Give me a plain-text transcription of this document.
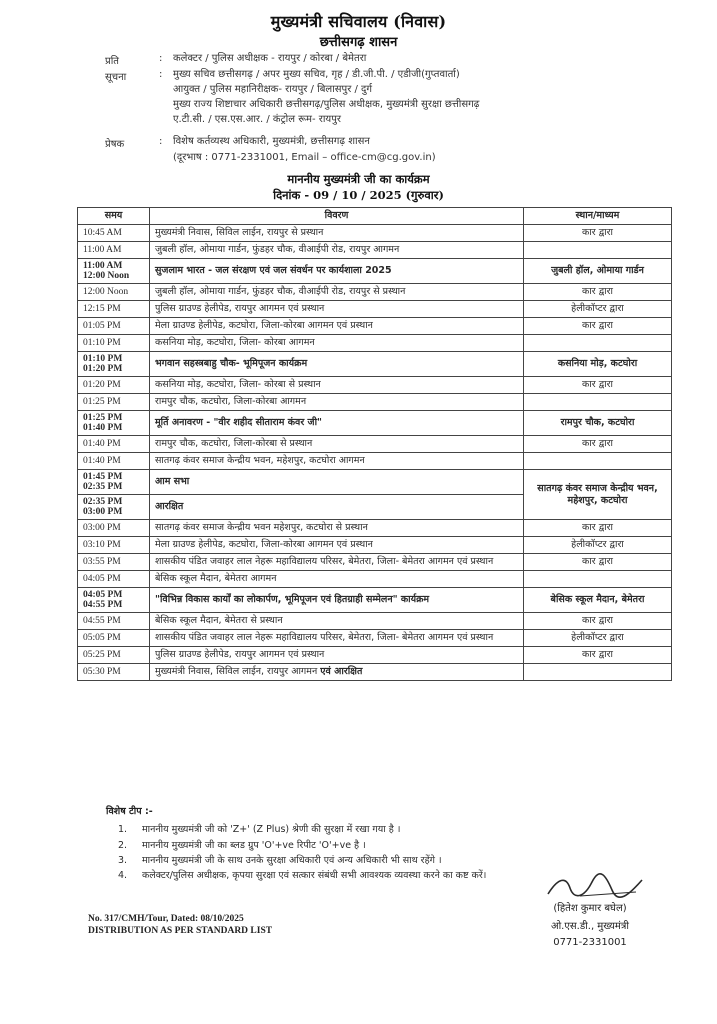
मुख्यमंत्री सचिवालय (निवास)
छत्तीसगढ़ शासन
प्रति	: कलेक्टर / पुलिस अधीक्षक - रायपुर / कोरबा / बेमेतरा
सूचना	: मुख्य सचिव छत्तीसगढ़ / अपर मुख्य सचिव, गृह / डी.जी.पी. / एडीजी(गुप्तवार्ता)
आयुक्त / पुलिस महानिरीक्षक- रायपुर / बिलासपुर / दुर्ग
मुख्य राज्य शिष्टाचार अधिकारी छत्तीसगढ़/पुलिस अधीक्षक, मुख्यमंत्री सुरक्षा छत्तीसगढ़
ए.टी.सी. / एस.एस.आर. / कंट्रोल रूम- रायपुर
प्रेषक	: विशेष कर्तव्यस्थ अधिकारी, मुख्यमंत्री, छत्तीसगढ़ शासन
(दूरभाष : 0771-2331001, Email – office-cm@cg.gov.in)
माननीय मुख्यमंत्री जी का कार्यक्रम
दिनांक - 09 / 10 / 2025 (गुरुवार)
समय	विवरण	स्थान/माध्यम

10:45 AM	मुख्यमंत्री निवास, सिविल लाईन, रायपुर से प्रस्थान	कार द्वारा

11:00 AM	जुबली हॉल, ओमाया गार्डन, फुंडहर चौक, वीआईपी रोड, रायपुर आगमन	

11:00 AM
12:00 Noon	सुजलाम भारत - जल संरक्षण एवं जल संवर्धन पर कार्यशाला 2025	जुबली हॉल, ओमाया गार्डन

12:00 Noon	जुबली हॉल, ओमाया गार्डन, फुंडहर चौक, वीआईपी रोड, रायपुर से प्रस्थान	कार द्वारा

12:15 PM	पुलिस ग्राउण्ड हेलीपेड, रायपुर आगमन एवं प्रस्थान	हेलीकॉप्टर द्वारा

01:05 PM	मेला ग्राउण्ड हेलीपेड, कटघोरा, जिला-कोरबा आगमन एवं प्रस्थान	कार द्वारा

01:10 PM	कसनिया मोड़, कटघोरा, जिला- कोरबा आगमन	

01:10 PM
01:20 PM	भगवान सहस्त्रबाहु चौक- भूमिपूजन कार्यक्रम	कसनिया मोड़, कटघोरा

01:20 PM	कसनिया मोड़, कटघोरा, जिला- कोरबा से प्रस्थान	कार द्वारा

01:25 PM	रामपुर चौक, कटघोरा, जिला-कोरबा आगमन	

01:25 PM
01:40 PM	मूर्ति अनावरण - "वीर शहीद सीताराम कंवर जी"	रामपुर चौक, कटघोरा

01:40 PM	रामपुर चौक, कटघोरा, जिला-कोरबा से प्रस्थान	कार द्वारा

01:40 PM	सातगढ़ कंवर समाज केन्द्रीय भवन, महेशपुर, कटघोरा आगमन	

01:45 PM
02:35 PM	आम सभा	सातगढ़ कंवर समाज केन्द्रीय भवन, महेशपुर, कटघोरा

02:35 PM
03:00 PM	आरक्षित	

03:00 PM	सातगढ़ कंवर समाज केन्द्रीय भवन महेशपुर, कटघोरा से प्रस्थान	कार द्वारा

03:10 PM	मेला ग्राउण्ड हेलीपेड, कटघोरा, जिला-कोरबा आगमन एवं प्रस्थान	हेलीकॉप्टर द्वारा

03:55 PM	शासकीय पंडित जवाहर लाल नेहरू महाविद्यालय परिसर, बेमेतरा, जिला- बेमेतरा आगमन एवं प्रस्थान	कार द्वारा

04:05 PM	बेसिक स्कूल मैदान, बेमेतरा आगमन	

04:05 PM
04:55 PM	"विभिन्न विकास कार्यों का लोकार्पण, भूमिपूजन एवं हितग्राही सम्मेलन" कार्यक्रम	बेसिक स्कूल मैदान, बेमेतरा

04:55 PM	बेसिक स्कूल मैदान, बेमेतरा से प्रस्थान	कार द्वारा

05:05 PM	शासकीय पंडित जवाहर लाल नेहरू महाविद्यालय परिसर, बेमेतरा, जिला- बेमेतरा आगमन एवं प्रस्थान	हेलीकॉप्टर द्वारा

05:25 PM	पुलिस ग्राउण्ड हेलीपेड, रायपुर आगमन एवं प्रस्थान	कार द्वारा

05:30 PM	मुख्यमंत्री निवास, सिविल लाईन, रायपुर आगमन एवं आरक्षित	
विशेष टीप :-
1. माननीय मुख्यमंत्री जी को 'Z+' (Z Plus) श्रेणी की सुरक्षा में रखा गया है ।
2. माननीय मुख्यमंत्री जी का ब्लड ग्रुप 'O'+ve रिपीट 'O'+ve है ।
3. माननीय मुख्यमंत्री जी के साथ उनके सुरक्षा अधिकारी एवं अन्य अधिकारी भी साथ रहेंगे ।
4. कलेक्टर/पुलिस अधीक्षक, कृपया सुरक्षा एवं सत्कार संबंधी सभी आवश्यक व्यवस्था करने का कष्ट करें।
No. 317/CMH/Tour, Dated: 08/10/2025
DISTRIBUTION AS PER STANDARD LIST
(हितेश कुमार बघेल)
ओ.एस.डी., मुख्यमंत्री
0771-2331001
